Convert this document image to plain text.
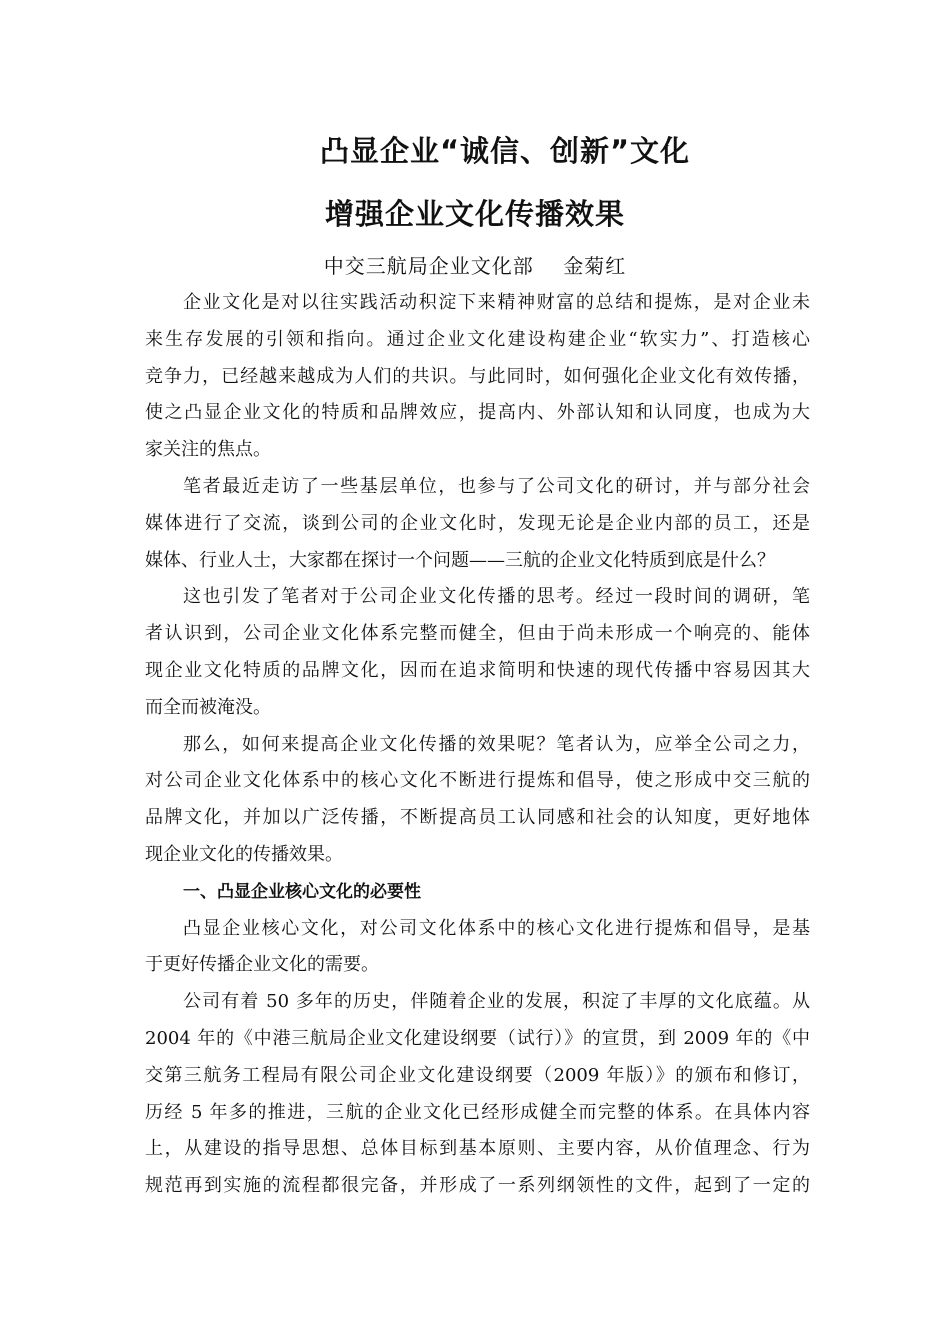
凸显企业“诚信、创新”文化
增强企业文化传播效果
中交三航局企业文化部    金菊红
企业文化是对以往实践活动积淀下来精神财富的总结和提炼，是对企业未
来生存发展的引领和指向。通过企业文化建设构建企业“软实力”、打造核心
竞争力，已经越来越成为人们的共识。与此同时，如何强化企业文化有效传播，
使之凸显企业文化的特质和品牌效应，提高内、外部认知和认同度，也成为大
家关注的焦点。
笔者最近走访了一些基层单位，也参与了公司文化的研讨，并与部分社会
媒体进行了交流，谈到公司的企业文化时，发现无论是企业内部的员工，还是
媒体、行业人士，大家都在探讨一个问题——三航的企业文化特质到底是什么？
这也引发了笔者对于公司企业文化传播的思考。经过一段时间的调研，笔
者认识到，公司企业文化体系完整而健全，但由于尚未形成一个响亮的、能体
现企业文化特质的品牌文化，因而在追求简明和快速的现代传播中容易因其大
而全而被淹没。
那么，如何来提高企业文化传播的效果呢？笔者认为，应举全公司之力，
对公司企业文化体系中的核心文化不断进行提炼和倡导，使之形成中交三航的
品牌文化，并加以广泛传播，不断提高员工认同感和社会的认知度，更好地体
现企业文化的传播效果。
一、凸显企业核心文化的必要性
凸显企业核心文化，对公司文化体系中的核心文化进行提炼和倡导，是基
于更好传播企业文化的需要。
公司有着 50 多年的历史，伴随着企业的发展，积淀了丰厚的文化底蕴。从
2004 年的《中港三航局企业文化建设纲要（试行）》的宣贯，到 2009 年的《中
交第三航务工程局有限公司企业文化建设纲要（2009 年版）》的颁布和修订，
历经 5 年多的推进，三航的企业文化已经形成健全而完整的体系。在具体内容
上，从建设的指导思想、总体目标到基本原则、主要内容，从价值理念、行为
规范再到实施的流程都很完备，并形成了一系列纲领性的文件，起到了一定的
